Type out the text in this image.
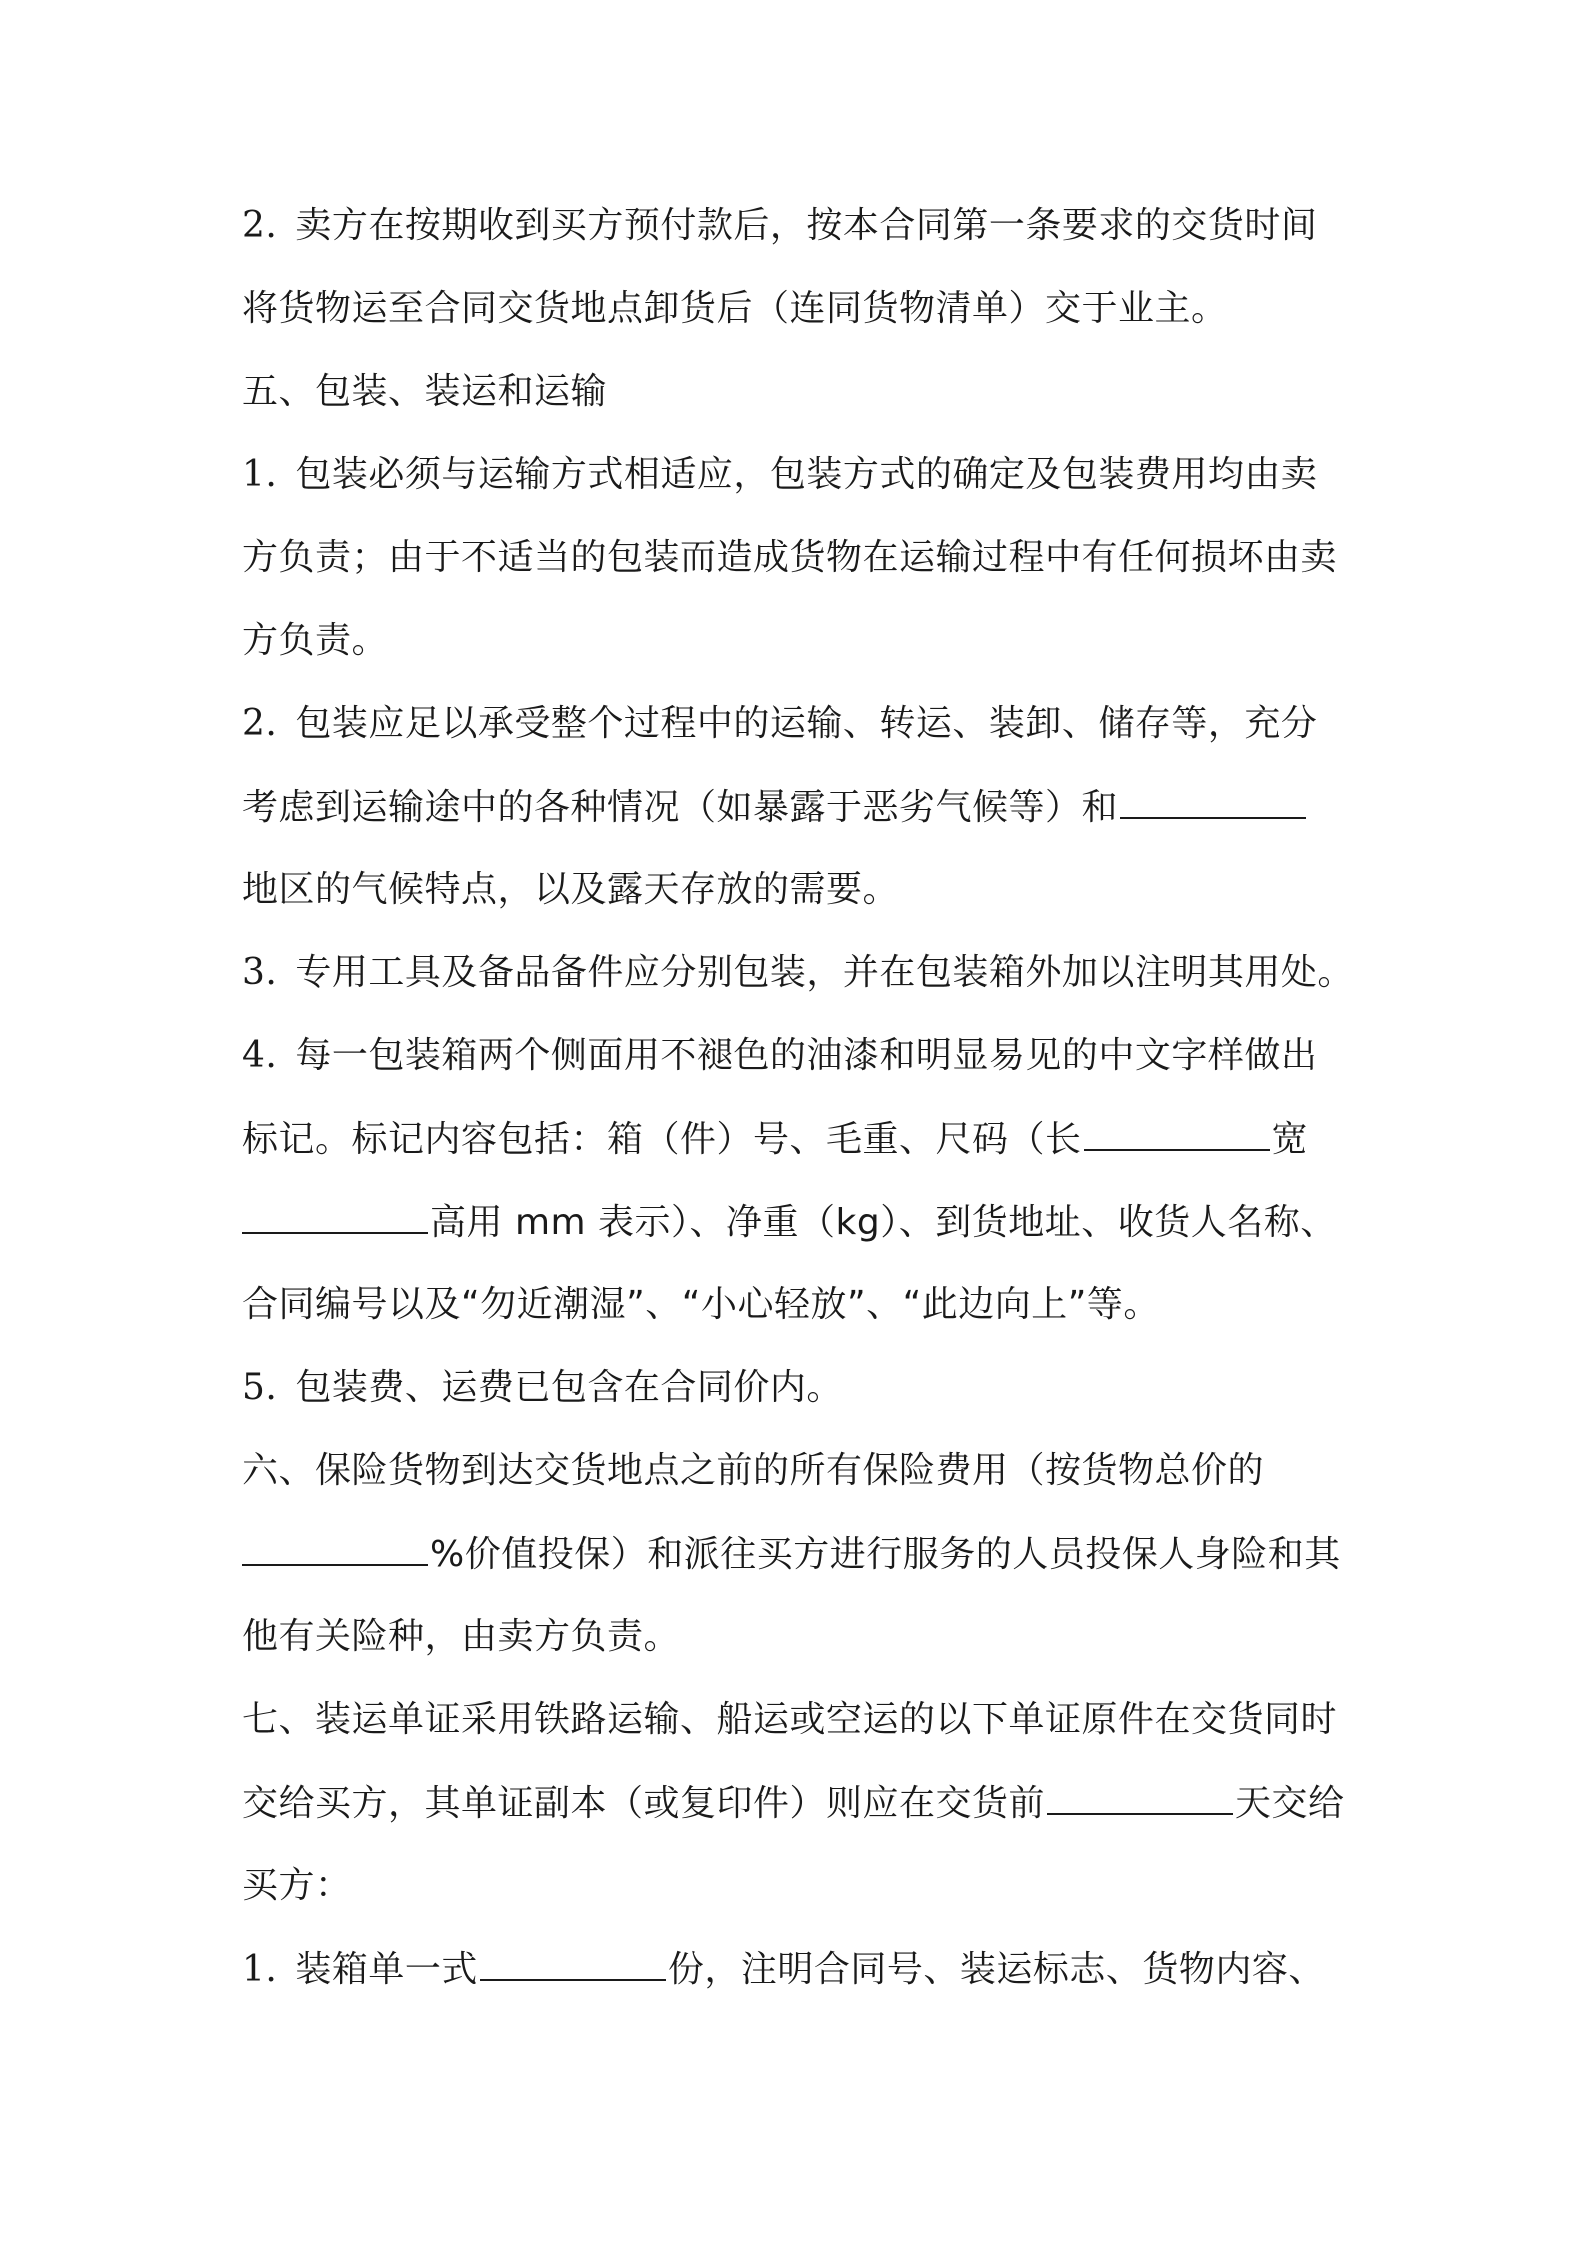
2. 卖方在按期收到买方预付款后，按本合同第一条要求的交货时间
将货物运至合同交货地点卸货后（连同货物清单）交于业主。
五、包装、装运和运输
1. 包装必须与运输方式相适应，包装方式的确定及包装费用均由卖
方负责；由于不适当的包装而造成货物在运输过程中有任何损坏由卖
方负责。
2. 包装应足以承受整个过程中的运输、转运、装卸、储存等，充分
考虑到运输途中的各种情况（如暴露于恶劣气候等）和
地区的气候特点，以及露天存放的需要。
3. 专用工具及备品备件应分别包装，并在包装箱外加以注明其用处。
4. 每一包装箱两个侧面用不褪色的油漆和明显易见的中文字样做出
标记。标记内容包括：箱（件）号、毛重、尺码（长	宽
高用 mm 表示）、净重（kg）、到货地址、收货人名称、
合同编号以及“勿近潮湿”、“小心轻放”、“此边向上”等。
5. 包装费、运费已包含在合同价内。
六、保险货物到达交货地点之前的所有保险费用（按货物总价的
%价值投保）和派往买方进行服务的人员投保人身险和其
他有关险种，由卖方负责。
七、装运单证采用铁路运输、船运或空运的以下单证原件在交货同时
交给买方，其单证副本（或复印件）则应在交货前	天交给
买方：
1. 装箱单一式	份，注明合同号、装运标志、货物内容、
